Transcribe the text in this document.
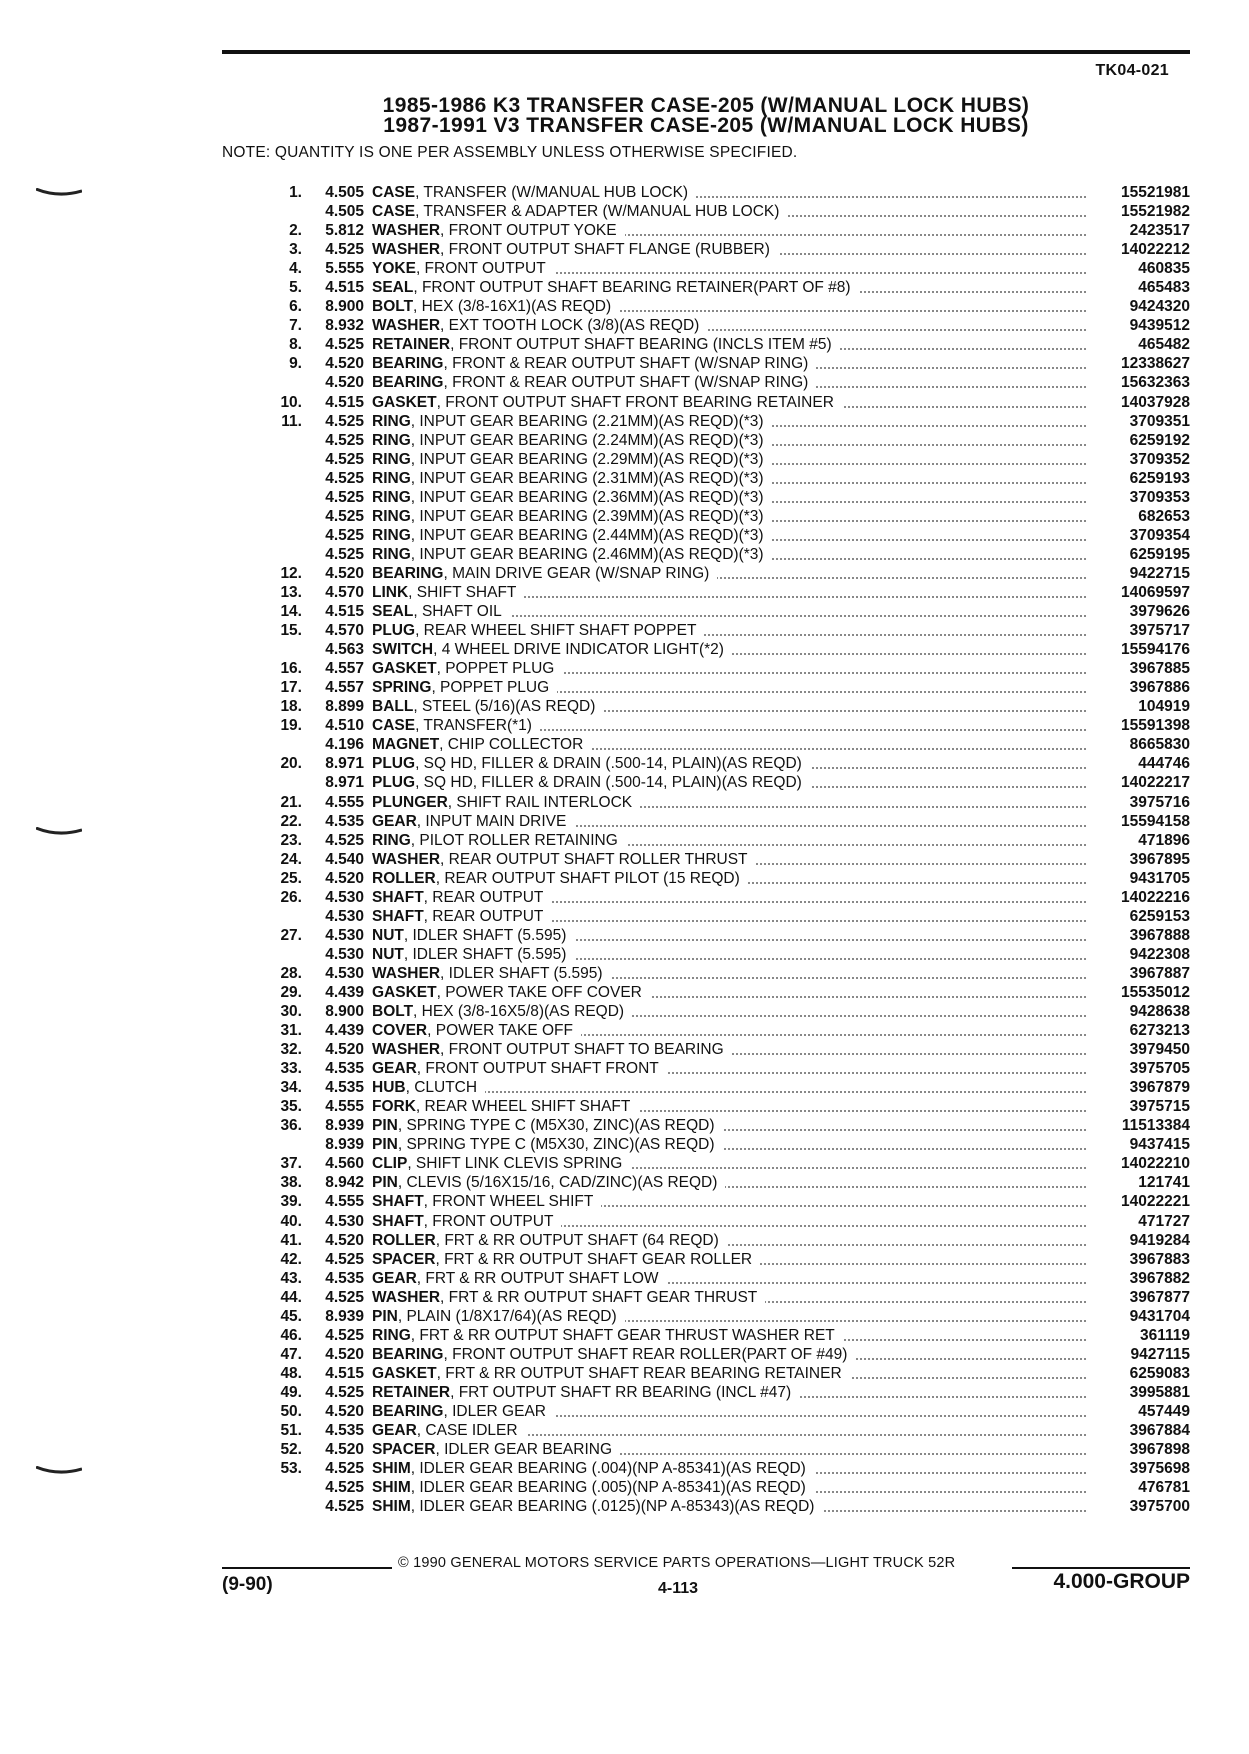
TK04-021
1985-1986 K3 TRANSFER CASE-205 (W/MANUAL LOCK HUBS)
1987-1991 V3 TRANSFER CASE-205 (W/MANUAL LOCK HUBS)
NOTE: QUANTITY IS ONE PER ASSEMBLY UNLESS OTHERWISE SPECIFIED.
1.	4.505 CASE, TRANSFER (W/MANUAL HUB LOCK)	15521981
4.505 CASE, TRANSFER & ADAPTER (W/MANUAL HUB LOCK)	15521982
2.	5.812 WASHER, FRONT OUTPUT YOKE	2423517
3.	4.525 WASHER, FRONT OUTPUT SHAFT FLANGE (RUBBER)	14022212
4.	5.555 YOKE, FRONT OUTPUT	460835
5.	4.515 SEAL, FRONT OUTPUT SHAFT BEARING RETAINER(PART OF #8)	465483
6.	8.900 BOLT, HEX (3/8-16X1)(AS REQD)	9424320
7.	8.932 WASHER, EXT TOOTH LOCK (3/8)(AS REQD)	9439512
8.	4.525 RETAINER, FRONT OUTPUT SHAFT BEARING (INCLS ITEM #5)	465482
9.	4.520 BEARING, FRONT & REAR OUTPUT SHAFT (W/SNAP RING)	12338627
4.520 BEARING, FRONT & REAR OUTPUT SHAFT (W/SNAP RING)	15632363
10.	4.515 GASKET, FRONT OUTPUT SHAFT FRONT BEARING RETAINER	14037928
11.	4.525 RING, INPUT GEAR BEARING (2.21MM)(AS REQD)(*3)	3709351
4.525 RING, INPUT GEAR BEARING (2.24MM)(AS REQD)(*3)	6259192
4.525 RING, INPUT GEAR BEARING (2.29MM)(AS REQD)(*3)	3709352
4.525 RING, INPUT GEAR BEARING (2.31MM)(AS REQD)(*3)	6259193
4.525 RING, INPUT GEAR BEARING (2.36MM)(AS REQD)(*3)	3709353
4.525 RING, INPUT GEAR BEARING (2.39MM)(AS REQD)(*3)	682653
4.525 RING, INPUT GEAR BEARING (2.44MM)(AS REQD)(*3)	3709354
4.525 RING, INPUT GEAR BEARING (2.46MM)(AS REQD)(*3)	6259195
12.	4.520 BEARING, MAIN DRIVE GEAR (W/SNAP RING)	9422715
13.	4.570 LINK, SHIFT SHAFT	14069597
14.	4.515 SEAL, SHAFT OIL	3979626
15.	4.570 PLUG, REAR WHEEL SHIFT SHAFT POPPET	3975717
4.563 SWITCH, 4 WHEEL DRIVE INDICATOR LIGHT(*2)	15594176
16.	4.557 GASKET, POPPET PLUG	3967885
17.	4.557 SPRING, POPPET PLUG	3967886
18.	8.899 BALL, STEEL (5/16)(AS REQD)	104919
19.	4.510 CASE, TRANSFER(*1)	15591398
4.196 MAGNET, CHIP COLLECTOR	8665830
20.	8.971 PLUG, SQ HD, FILLER & DRAIN (.500-14, PLAIN)(AS REQD)	444746
8.971 PLUG, SQ HD, FILLER & DRAIN (.500-14, PLAIN)(AS REQD)	14022217
21.	4.555 PLUNGER, SHIFT RAIL INTERLOCK	3975716
22.	4.535 GEAR, INPUT MAIN DRIVE	15594158
23.	4.525 RING, PILOT ROLLER RETAINING	471896
24.	4.540 WASHER, REAR OUTPUT SHAFT ROLLER THRUST	3967895
25.	4.520 ROLLER, REAR OUTPUT SHAFT PILOT (15 REQD)	9431705
26.	4.530 SHAFT, REAR OUTPUT	14022216
4.530 SHAFT, REAR OUTPUT	6259153
27.	4.530 NUT, IDLER SHAFT (5.595)	3967888
4.530 NUT, IDLER SHAFT (5.595)	9422308
28.	4.530 WASHER, IDLER SHAFT (5.595)	3967887
29.	4.439 GASKET, POWER TAKE OFF COVER	15535012
30.	8.900 BOLT, HEX (3/8-16X5/8)(AS REQD)	9428638
31.	4.439 COVER, POWER TAKE OFF	6273213
32.	4.520 WASHER, FRONT OUTPUT SHAFT TO BEARING	3979450
33.	4.535 GEAR, FRONT OUTPUT SHAFT FRONT	3975705
34.	4.535 HUB, CLUTCH	3967879
35.	4.555 FORK, REAR WHEEL SHIFT SHAFT	3975715
36.	8.939 PIN, SPRING TYPE C (M5X30, ZINC)(AS REQD)	11513384
8.939 PIN, SPRING TYPE C (M5X30, ZINC)(AS REQD)	9437415
37.	4.560 CLIP, SHIFT LINK CLEVIS SPRING	14022210
38.	8.942 PIN, CLEVIS (5/16X15/16, CAD/ZINC)(AS REQD)	121741
39.	4.555 SHAFT, FRONT WHEEL SHIFT	14022221
40.	4.530 SHAFT, FRONT OUTPUT	471727
41.	4.520 ROLLER, FRT & RR OUTPUT SHAFT (64 REQD)	9419284
42.	4.525 SPACER, FRT & RR OUTPUT SHAFT GEAR ROLLER	3967883
43.	4.535 GEAR, FRT & RR OUTPUT SHAFT LOW	3967882
44.	4.525 WASHER, FRT & RR OUTPUT SHAFT GEAR THRUST	3967877
45.	8.939 PIN, PLAIN (1/8X17/64)(AS REQD)	9431704
46.	4.525 RING, FRT & RR OUTPUT SHAFT GEAR THRUST WASHER RET	361119
47.	4.520 BEARING, FRONT OUTPUT SHAFT REAR ROLLER(PART OF #49)	9427115
48.	4.515 GASKET, FRT & RR OUTPUT SHAFT REAR BEARING RETAINER	6259083
49.	4.525 RETAINER, FRT OUTPUT SHAFT RR BEARING (INCL #47)	3995881
50.	4.520 BEARING, IDLER GEAR	457449
51.	4.535 GEAR, CASE IDLER	3967884
52.	4.520 SPACER, IDLER GEAR BEARING	3967898
53.	4.525 SHIM, IDLER GEAR BEARING (.004)(NP A-85341)(AS REQD)	3975698
4.525 SHIM, IDLER GEAR BEARING (.005)(NP A-85341)(AS REQD)	476781
4.525 SHIM, IDLER GEAR BEARING (.0125)(NP A-85343)(AS REQD)	3975700
© 1990 GENERAL MOTORS SERVICE PARTS OPERATIONS—LIGHT TRUCK 52R
(9-90)	4-113	4.000-GROUP
